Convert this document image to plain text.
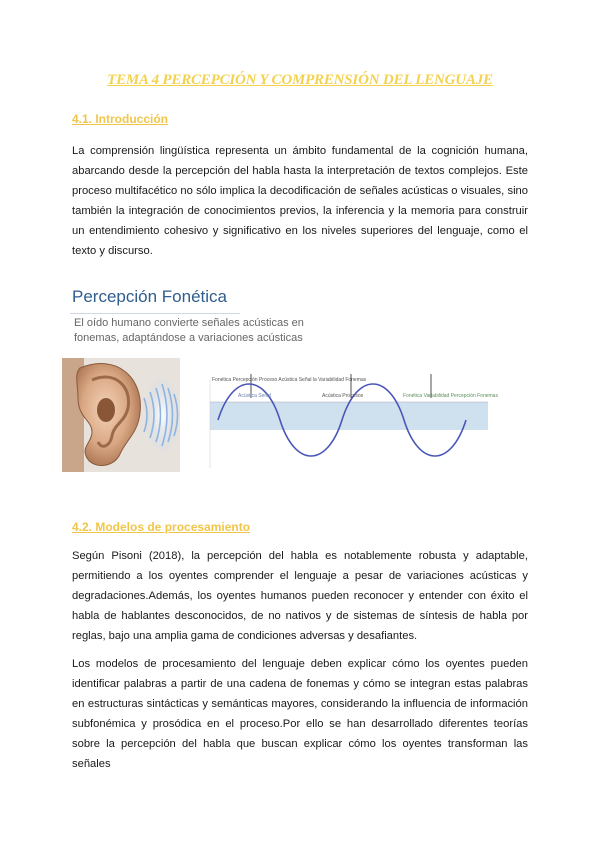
TEMA 4 PERCEPCIÓN Y COMPRENSIÓN DEL LENGUAJE
4.1. Introducción

La comprensión lingüística representa un ámbito fundamental de la cognición humana, abarcando desde la percepción del habla hasta la interpretación de textos complejos. Este proceso multifacético no sólo implica la decodificación de señales acústicas o visuales, sino también la integración de conocimientos previos, la inferencia y la memoria para construir un entendimiento cohesivo y significativo en los niveles superiores del lenguaje, como el texto y discurso.

Percepción Fonética
El oído humano convierte señales acústicas en fonemas, adaptándose a variaciones acústicas
Fonética Percepción Proceso Acústica Señal la Variabilidad Fonemas
Acústica Señal	Acústica Procesos	Fonética Variabilidad Percepción Fonemas
4.2. Modelos de procesamiento

Según Pisoni (2018), la percepción del habla es notablemente robusta y adaptable, permitiendo a los oyentes comprender el lenguaje a pesar de variaciones acústicas y degradaciones.Además, los oyentes humanos pueden reconocer y entender con éxito el habla de hablantes desconocidos, de no nativos y de sistemas de síntesis de habla por reglas, bajo una amplia gama de condiciones adversas y desafiantes.

Los modelos de procesamiento del lenguaje deben explicar cómo los oyentes pueden identificar palabras a partir de una cadena de fonemas y cómo se integran estas palabras en estructuras sintácticas y semánticas mayores, considerando la influencia de información subfonémica y prosódica en el proceso.Por ello se han desarrollado diferentes teorías sobre la percepción del habla que buscan explicar cómo los oyentes transforman las señales
